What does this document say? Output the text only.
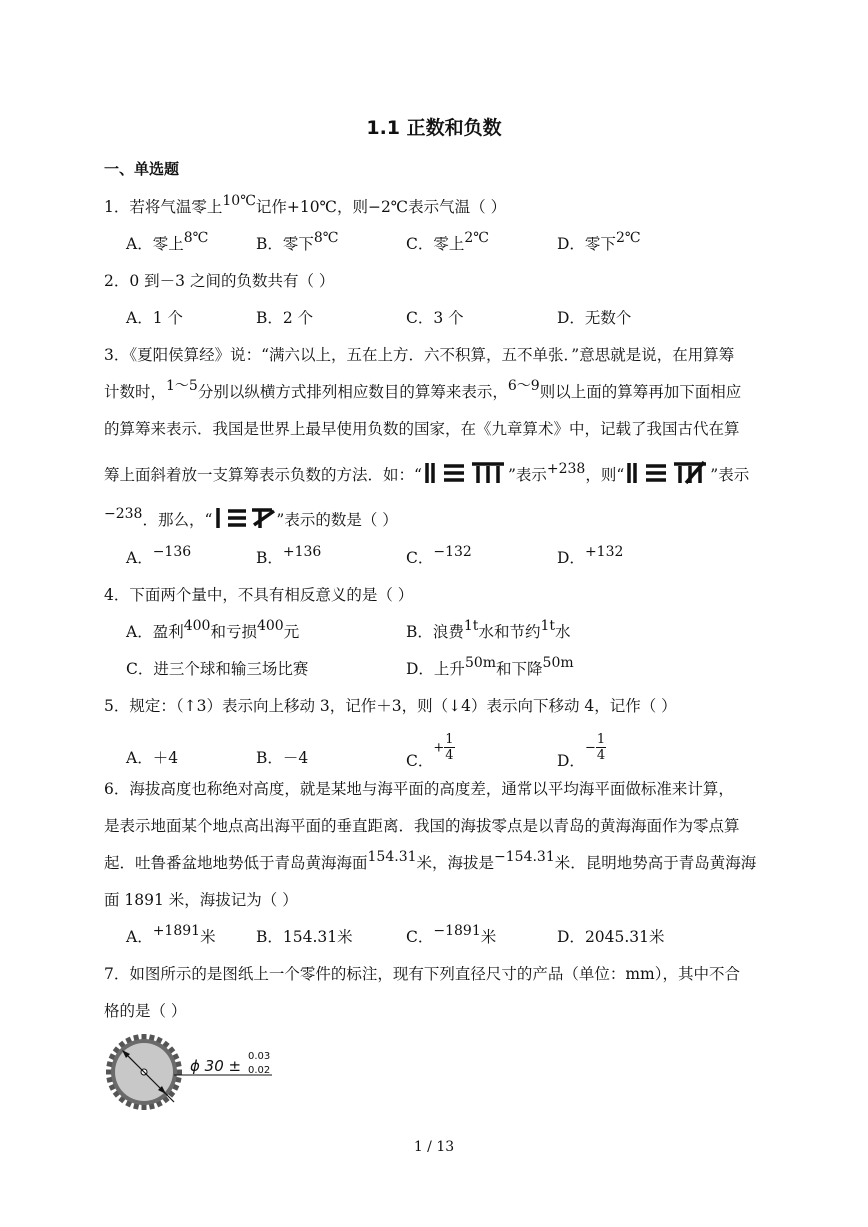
1.1 正数和负数
一、单选题
1．若将气温零上10℃记作+10℃，则−2℃表示气温（ ）
A．零上8℃	B．零下8℃	C．零上2℃	D．零下2℃
2．0 到－3 之间的负数共有（ ）
A．1 个	B．2 个	C．3 个	D．无数个
3．《夏阳侯算经》说：“满六以上，五在上方．六不积算，五不单张．”意思就是说，在用算筹
计数时，1～5分别以纵横方式排列相应数目的算筹来表示，6～9则以上面的算筹再加下面相应
的算筹来表示．我国是世界上最早使用负数的国家，在《九章算术》中，记载了我国古代在算
筹上面斜着放一支算筹表示负数的方法．如：“	”表示+238，则“	”表示
−238．那么，“	”表示的数是（ ）
A．−136	B．+136	C．−132	D．+132
4．下面两个量中，不具有相反意义的是（ ）
A．盈利400和亏损400元	B．浪费1t水和节约1t水
C．进三个球和输三场比赛	D．上升50m和下降50m
5．规定：（↑3）表示向上移动 3，记作＋3，则（↓4）表示向下移动 4，记作（ ）
A．＋4	B．－4	C．+ $\frac{1}{4}$	D．− $\frac{1}{4}$
6．海拔高度也称绝对高度，就是某地与海平面的高度差，通常以平均海平面做标准来计算，
是表示地面某个地点高出海平面的垂直距离．我国的海拔零点是以青岛的黄海海面作为零点算
起．吐鲁番盆地地势低于青岛黄海海面154.31米，海拔是−154.31米．昆明地势高于青岛黄海海
面 1891 米，海拔记为（ ）
A．+1891米	B．154.31米	C．−1891米	D．2045.31米
7．如图所示的是图纸上一个零件的标注，现有下列直径尺寸的产品（单位：mm），其中不合
格的是（ ）
ϕ 30 ±
0.03
0.02
1 / 13
